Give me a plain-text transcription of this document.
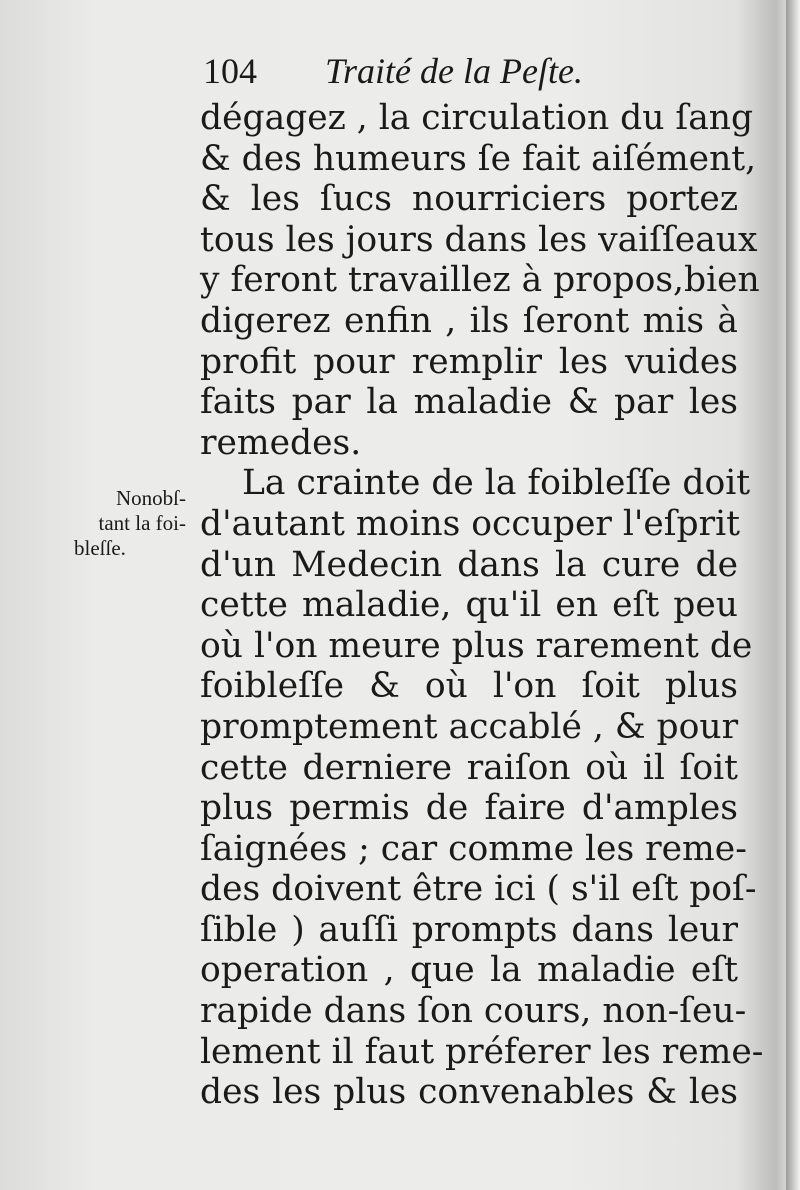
104 Traité de la Peſte.
Nonobſ-
tant la foi-
bleſſe.
dégagez , la circulation du ſang
& des humeurs ſe fait aiſément,
& les ſucs nourriciers portez
tous les jours dans les vaiſſeaux
y feront travaillez à propos,bien
digerez enfin , ils ſeront mis à
profit pour remplir les vuides
faits par la maladie & par les
remedes.
La crainte de la foibleſſe doit
d'autant moins occuper l'eſprit
d'un Medecin dans la cure de
cette maladie, qu'il en eſt peu
où l'on meure plus rarement de
foibleſſe & où l'on ſoit plus
promptement accablé , & pour
cette derniere raiſon où il ſoit
plus permis de faire d'amples
ſaignées ; car comme les reme-
des doivent être ici ( s'il eſt poſ-
ſible ) auſſi prompts dans leur
operation , que la maladie eſt
rapide dans ſon cours, non-ſeu-
lement il faut préferer les reme-
des les plus convenables & les
